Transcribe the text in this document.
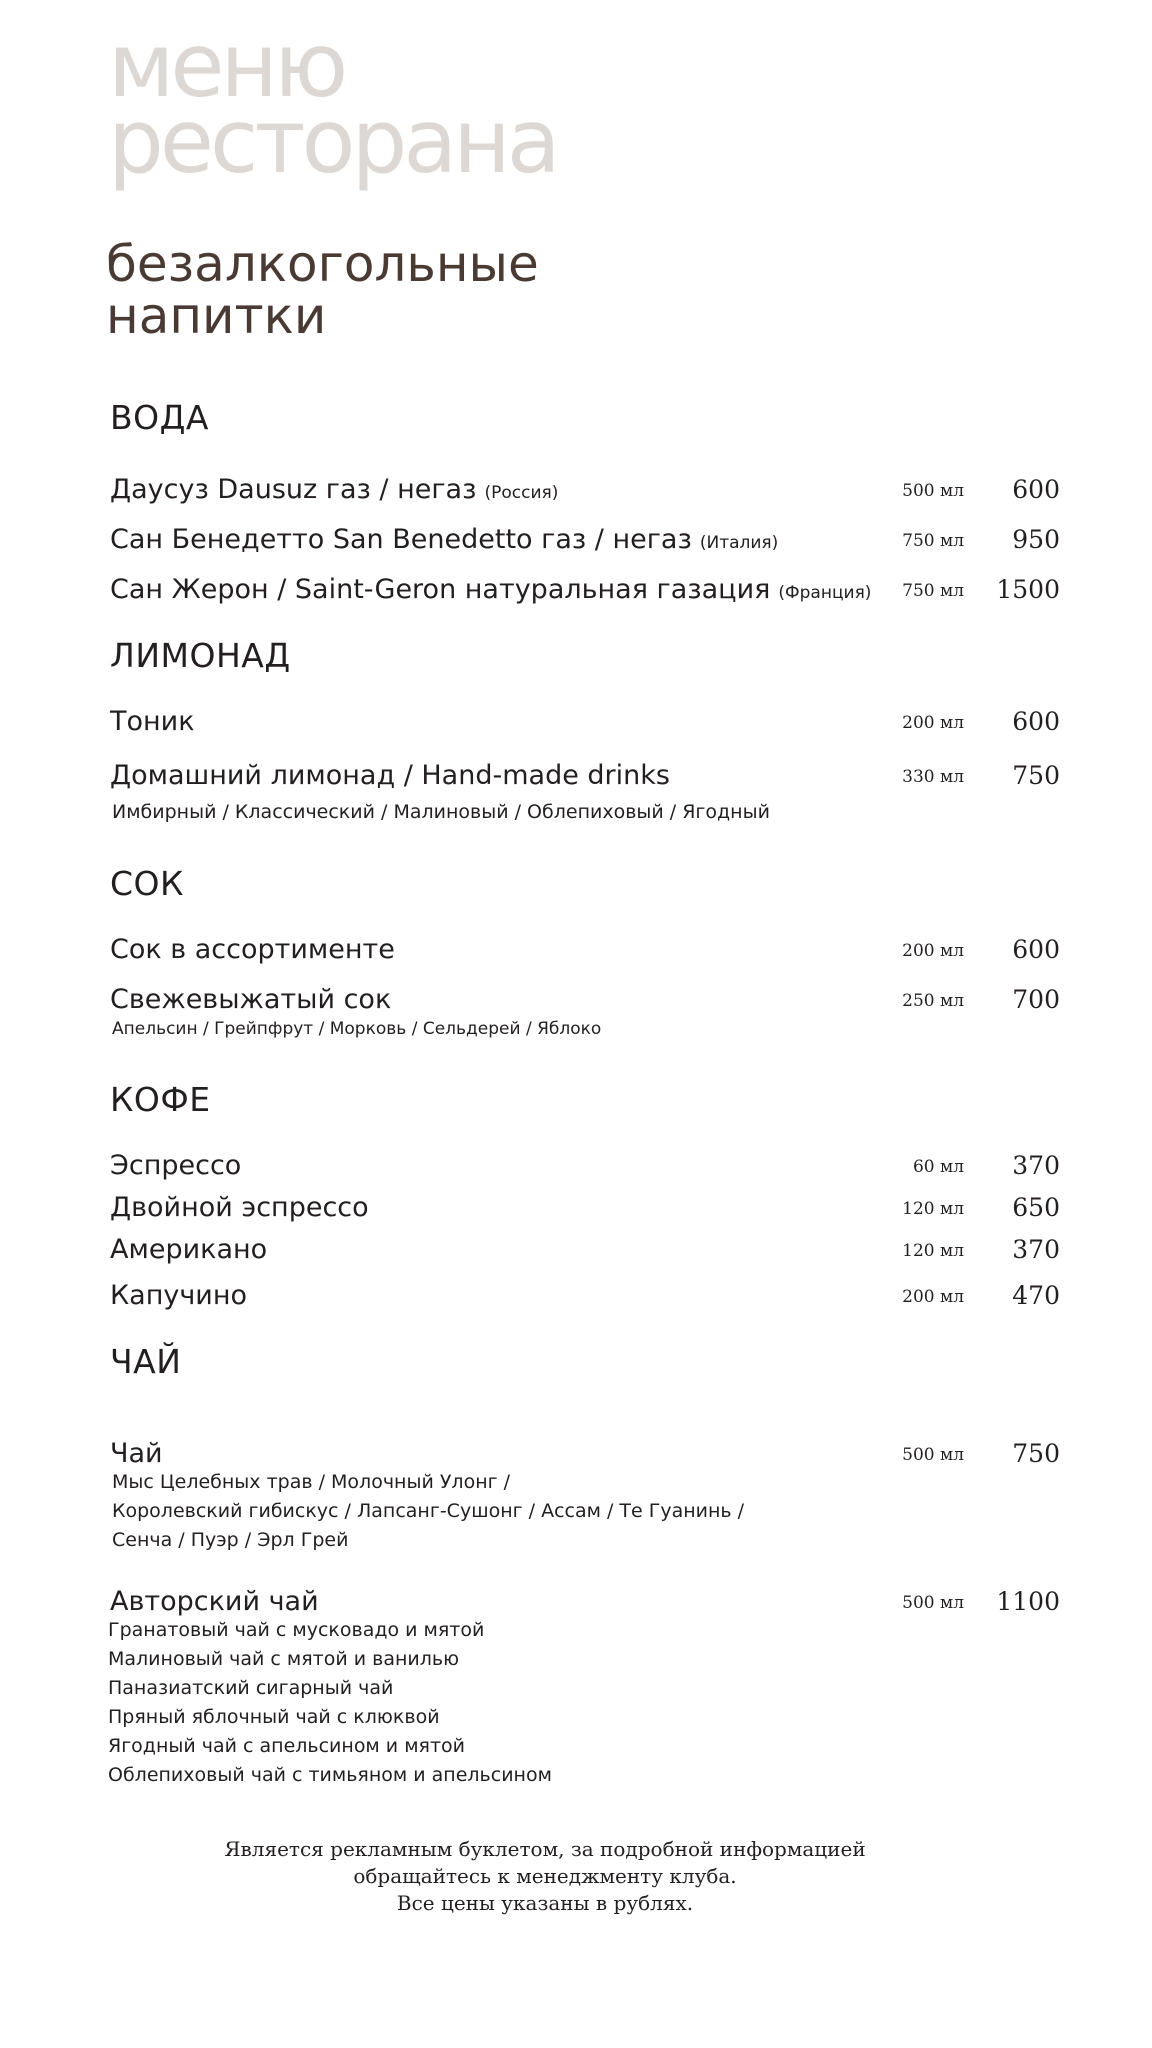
меню
ресторана
безалкогольные
напитки
ВОДА
Даусуз Dausuz газ / негаз (Россия)	500 мл 600
Сан Бенедетто San Benedetto газ / негаз (Италия)	750 мл 950
Сан Жерон / Saint-Geron натуральная газация (Франция) 750 мл 1500
ЛИМОНАД
Тоник	200 мл 600
Домашний лимонад / Hand-made drinks	330 мл 750
Имбирный / Классический / Малиновый / Облепиховый / Ягодный
СОК
Сок в ассортименте	200 мл 600
Свежевыжатый сок	250 мл 700
Апельсин / Грейпфрут / Морковь / Сельдерей / Яблоко
КОФЕ
Эспрессо	60 мл 370
Двойной эспрессо	120 мл 650
Американо	120 мл 370
Капучино	200 мл 470
ЧАЙ
Чай	500 мл 750
Мыс Целебных трав / Молочный Улонг /
Королевский гибискус / Лапсанг-Сушонг / Ассам / Те Гуанинь /
Сенча / Пуэр / Эрл Грей
Авторский чай	500 мл 1100
Гранатовый чай с мусковадо и мятой
Малиновый чай с мятой и ванилью
Паназиатский сигарный чай
Пряный яблочный чай с клюквой
Ягодный чай с апельсином и мятой
Облепиховый чай с тимьяном и апельсином
Является рекламным буклетом, за подробной информацией
обращайтесь к менеджменту клуба.
Все цены указаны в рублях.
